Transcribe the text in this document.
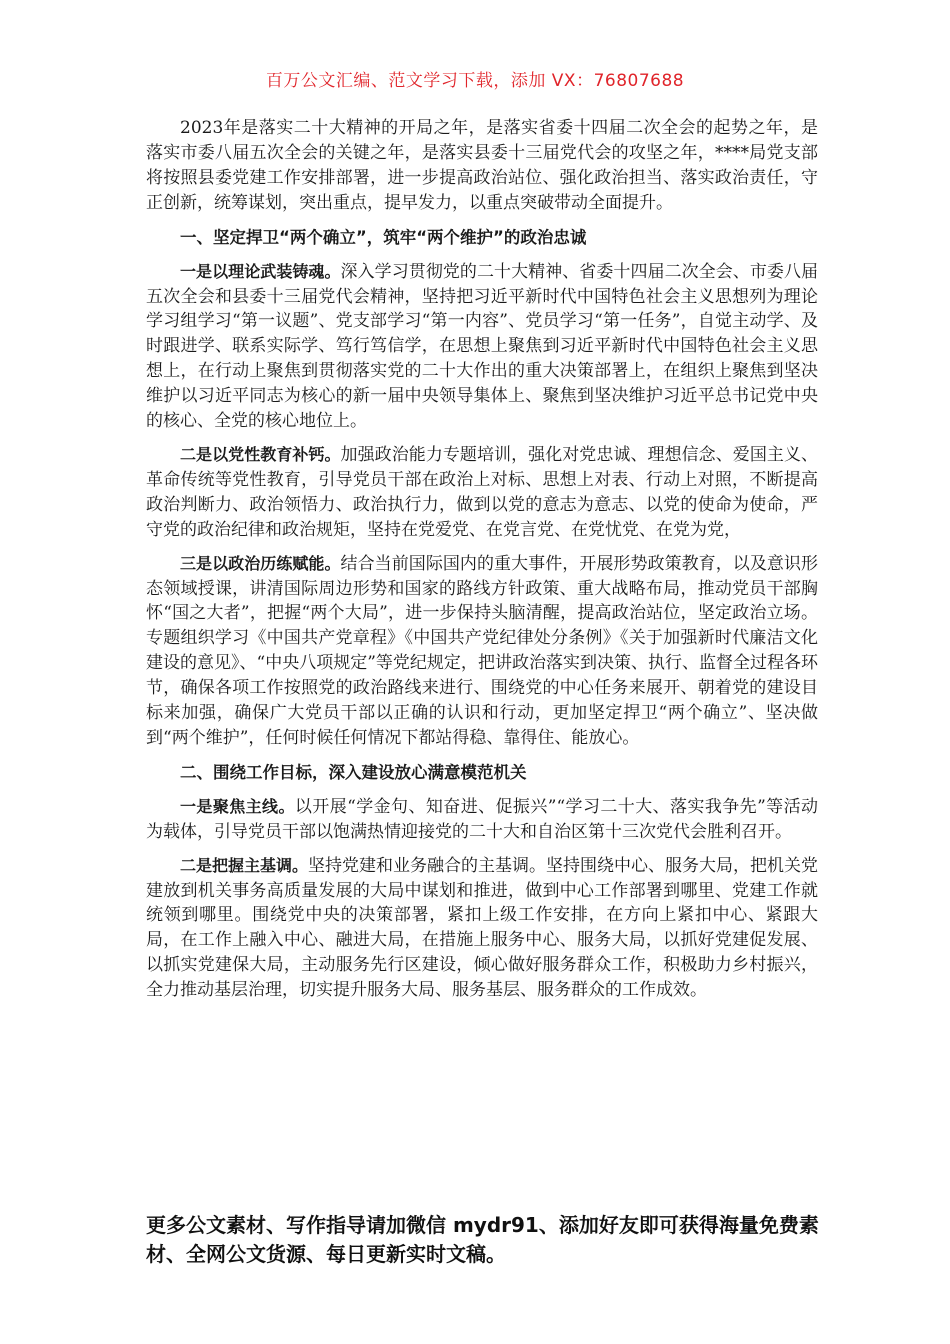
百万公文汇编、范文学习下载，添加 VX：76807688

2023年是落实二十大精神的开局之年，是落实省委十四届二次全会的起势之年，是落实市委八届五次全会的关键之年，是落实县委十三届党代会的攻坚之年，****局党支部将按照县委党建工作安排部署，进一步提高政治站位、强化政治担当、落实政治责任，守正创新，统筹谋划，突出重点，提早发力，以重点突破带动全面提升。

一、坚定捍卫“两个确立”，筑牢“两个维护”的政治忠诚

一是以理论武装铸魂。深入学习贯彻党的二十大精神、省委十四届二次全会、市委八届五次全会和县委十三届党代会精神，坚持把习近平新时代中国特色社会主义思想列为理论学习组学习“第一议题”、党支部学习“第一内容”、党员学习“第一任务”，自觉主动学、及时跟进学、联系实际学、笃行笃信学，在思想上聚焦到习近平新时代中国特色社会主义思想上，在行动上聚焦到贯彻落实党的二十大作出的重大决策部署上，在组织上聚焦到坚决维护以习近平同志为核心的新一届中央领导集体上、聚焦到坚决维护习近平总书记党中央的核心、全党的核心地位上。

二是以党性教育补钙。加强政治能力专题培训，强化对党忠诚、理想信念、爱国主义、革命传统等党性教育，引导党员干部在政治上对标、思想上对表、行动上对照，不断提高政治判断力、政治领悟力、政治执行力，做到以党的意志为意志、以党的使命为使命，严守党的政治纪律和政治规矩，坚持在党爱党、在党言党、在党忧党、在党为党，

三是以政治历练赋能。结合当前国际国内的重大事件，开展形势政策教育，以及意识形态领域授课，讲清国际周边形势和国家的路线方针政策、重大战略布局，推动党员干部胸怀“国之大者”，把握“两个大局”，进一步保持头脑清醒，提高政治站位，坚定政治立场。专题组织学习《中国共产党章程》《中国共产党纪律处分条例》《关于加强新时代廉洁文化建设的意见》、“中央八项规定”等党纪规定，把讲政治落实到决策、执行、监督全过程各环节，确保各项工作按照党的政治路线来进行、围绕党的中心任务来展开、朝着党的建设目标来加强，确保广大党员干部以正确的认识和行动，更加坚定捍卫“两个确立”、坚决做到“两个维护”，任何时候任何情况下都站得稳、靠得住、能放心。

二、围绕工作目标，深入建设放心满意模范机关

一是聚焦主线。以开展“学金句、知奋进、促振兴”“学习二十大、落实我争先”等活动为载体，引导党员干部以饱满热情迎接党的二十大和自治区第十三次党代会胜利召开。

二是把握主基调。坚持党建和业务融合的主基调。坚持围绕中心、服务大局，把机关党建放到机关事务高质量发展的大局中谋划和推进，做到中心工作部署到哪里、党建工作就统领到哪里。围绕党中央的决策部署，紧扣上级工作安排，在方向上紧扣中心、紧跟大局，在工作上融入中心、融进大局，在措施上服务中心、服务大局，以抓好党建促发展、以抓实党建保大局，主动服务先行区建设，倾心做好服务群众工作，积极助力乡村振兴，全力推动基层治理，切实提升服务大局、服务基层、服务群众的工作成效。

更多公文素材、写作指导请加微信 mydr91、添加好友即可获得海量免费素材、全网公文货源、每日更新实时文稿。
